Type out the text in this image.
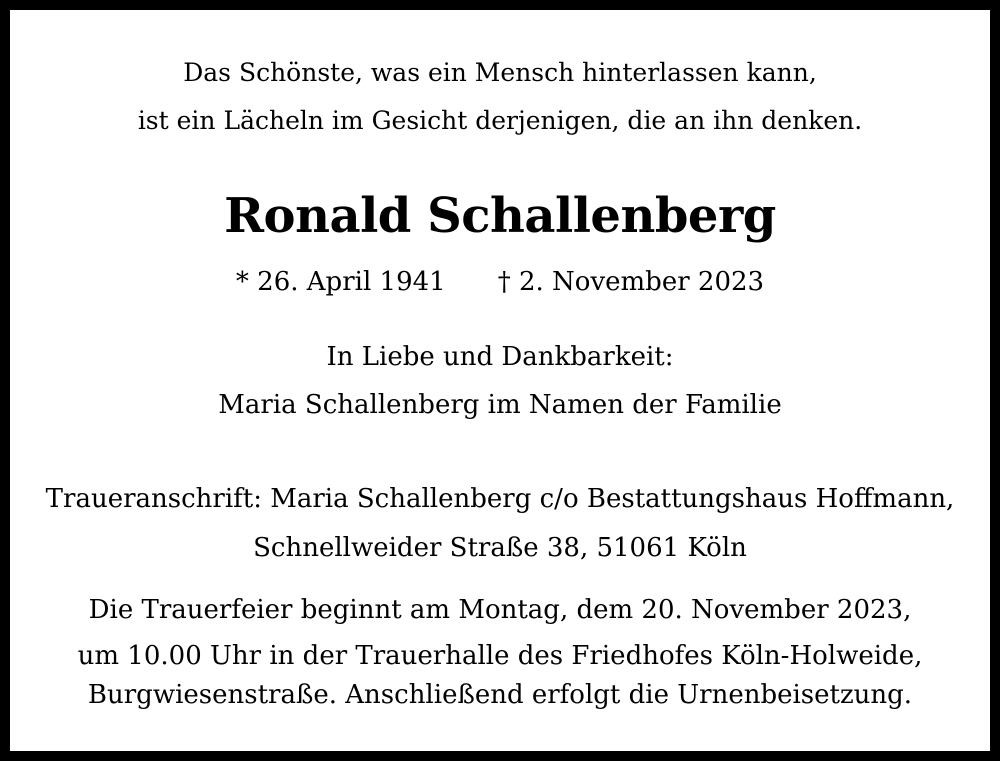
Das Schönste, was ein Mensch hinterlassen kann,
ist ein Lächeln im Gesicht derjenigen, die an ihn denken.
Ronald Schallenberg
* 26. April 1941 † 2. November 2023
In Liebe und Dankbarkeit:
Maria Schallenberg im Namen der Familie
Traueranschrift: Maria Schallenberg c/o Bestattungshaus Hoffmann,
Schnellweider Straße 38, 51061 Köln
Die Trauerfeier beginnt am Montag, dem 20. November 2023,
um 10.00 Uhr in der Trauerhalle des Friedhofes Köln-Holweide,
Burgwiesenstraße. Anschließend erfolgt die Urnenbeisetzung.
